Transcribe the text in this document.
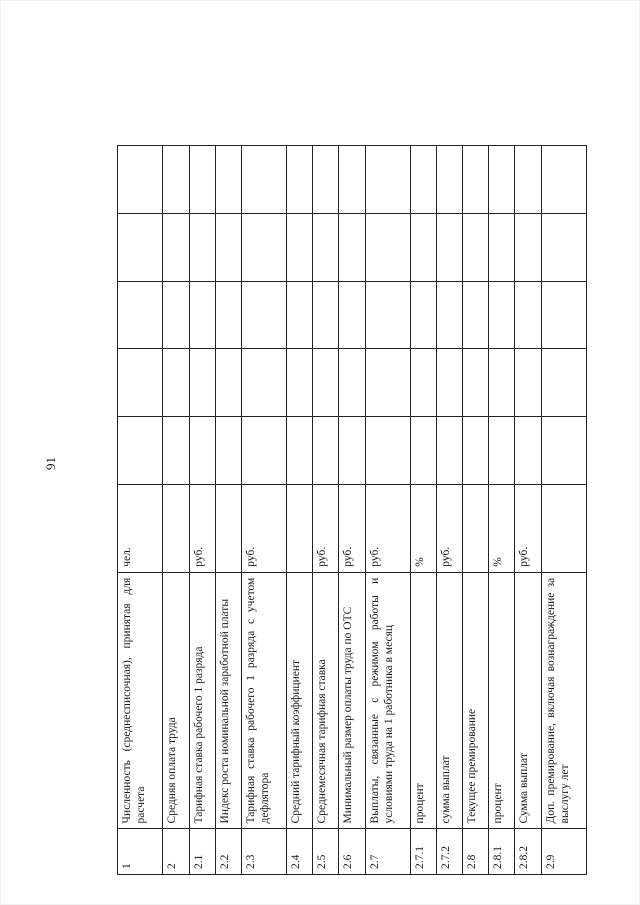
91
1	Численность (среднесписочная), принятая для расчета	чел.					
2	Средняя оплата труда						
2.1	Тарифная ставка рабочего 1 разряда	руб.					
2.2	Индекс роста номинальной заработной платы						
2.3	Тарифная ставка рабочего 1 разряда с учетом дефлятора	руб.					
2.4	Средний тарифный коэффициент						
2.5	Среднемесячная тарифная ставка	руб.					
2.6	Минимальный размер оплаты труда по ОТС	руб.					
2.7	Выплаты, связанные с режимом работы и условиями труда на 1 работника в месяц	руб.					
2.7.1	процент	%					
2.7.2	сумма выплат	руб.					
2.8	Текущее премирование						
2.8.1	процент	%					
2.8.2	Сумма выплат	руб.					
2.9	Доп. премирование, включая вознаграждение за выслугу лет						
